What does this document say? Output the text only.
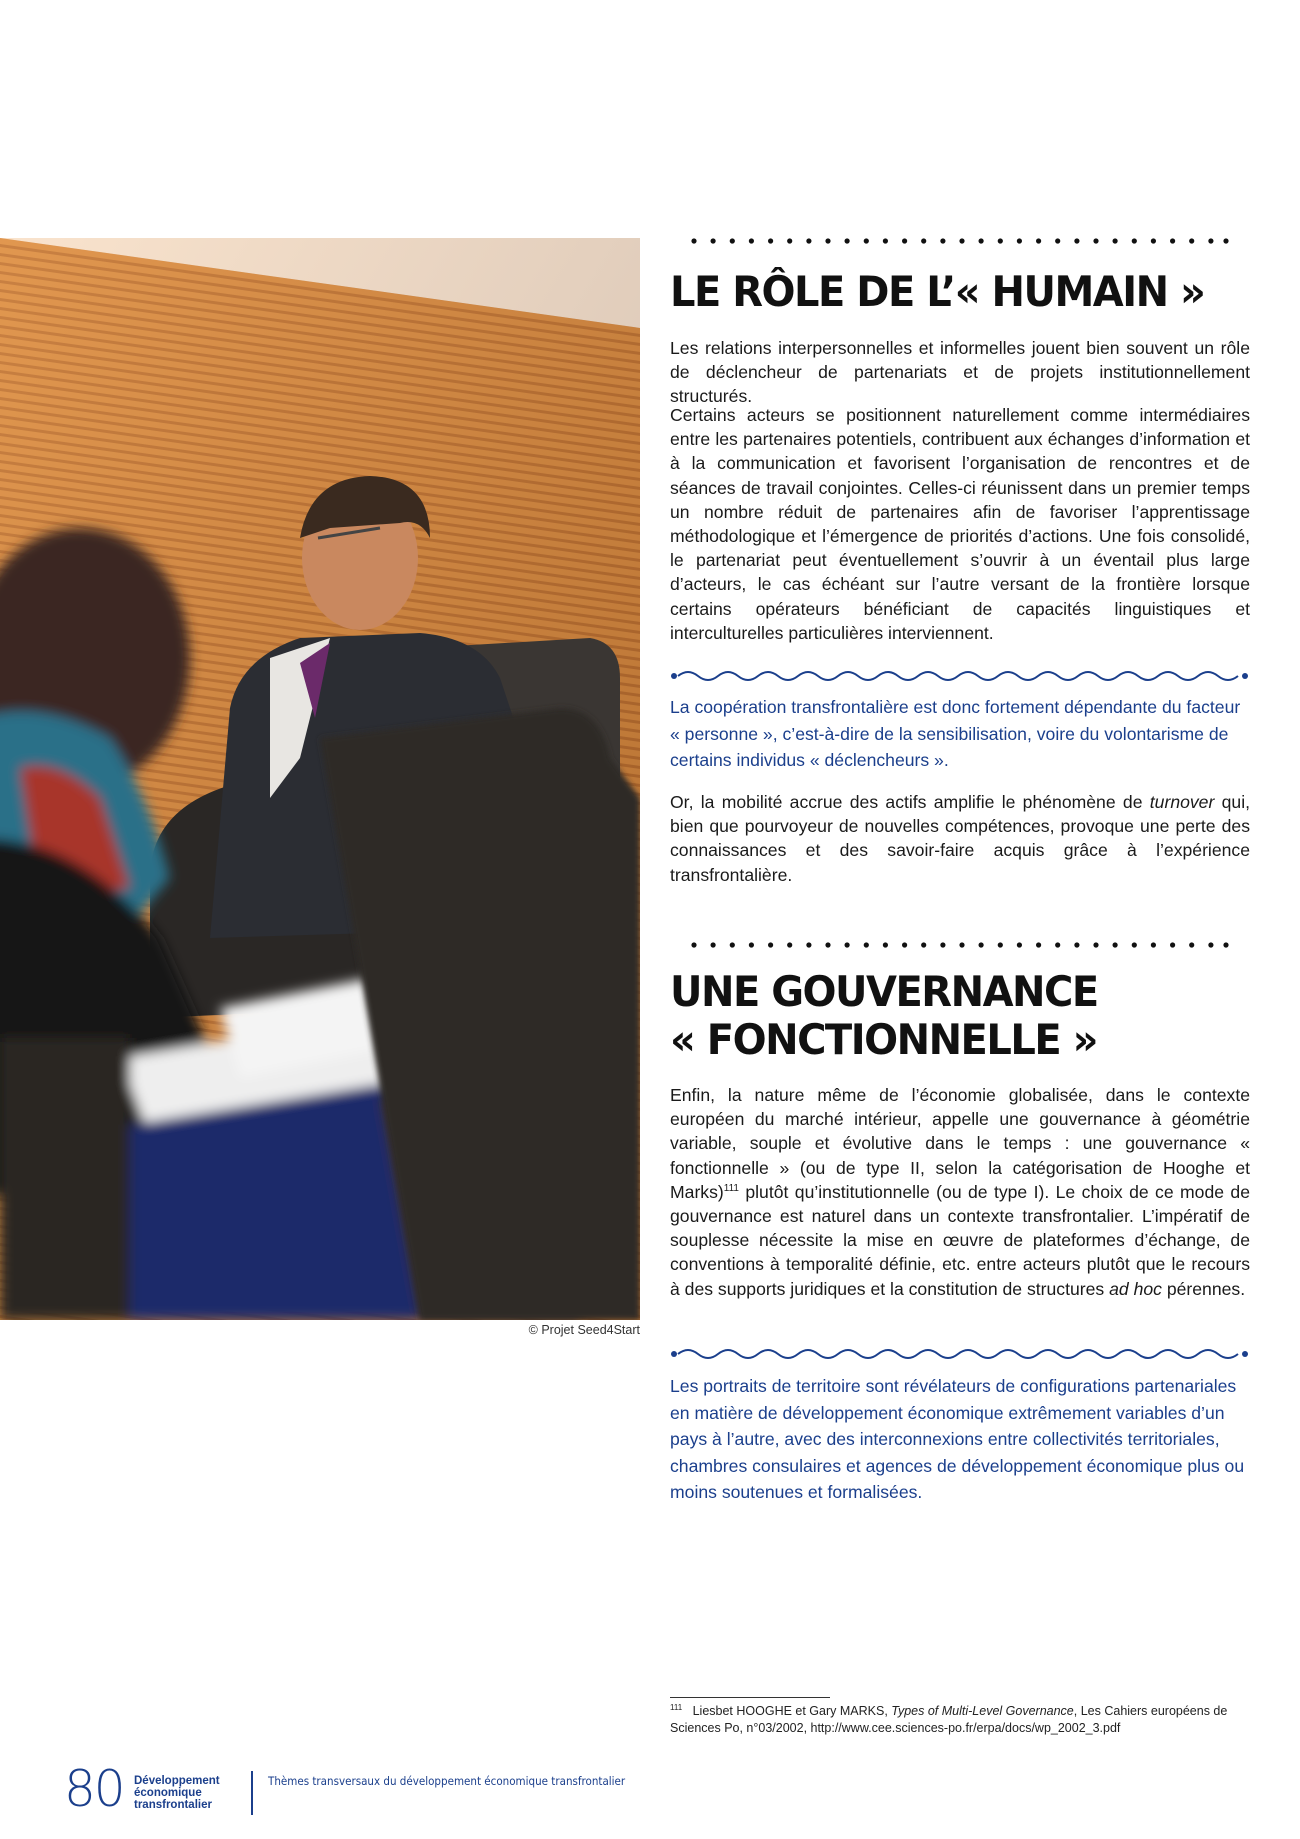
© Projet Seed4Start
LE RÔLE DE L’« HUMAIN »

Les relations interpersonnelles et informelles jouent bien souvent un rôle de déclencheur de partenariats et de projets institutionnellement structurés.

Certains acteurs se positionnent naturellement comme intermédiaires entre les partenaires potentiels, contribuent aux échanges d’information et à la communication et favorisent l’organisation de rencontres et de séances de travail conjointes. Celles-ci réunissent dans un premier temps un nombre réduit de partenaires afin de favoriser l’apprentissage méthodologique et l’émergence de priorités d’actions. Une fois consolidé, le partenariat peut éventuellement s’ouvrir à un éventail plus large d’acteurs, le cas échéant sur l’autre versant de la frontière lorsque certains opérateurs bénéficiant de capacités linguistiques et interculturelles particulières interviennent.

La coopération transfrontalière est donc fortement dépendante du facteur « personne », c’est-à-dire de la sensibilisation, voire du volontarisme de certains individus « déclencheurs ».

Or, la mobilité accrue des actifs amplifie le phénomène de turnover qui, bien que pourvoyeur de nouvelles compétences, provoque une perte des connaissances et des savoir-faire acquis grâce à l’expérience transfrontalière.

UNE GOUVERNANCE
« FONCTIONNELLE »

Enfin, la nature même de l’économie globalisée, dans le contexte européen du marché intérieur, appelle une gouvernance à géométrie variable, souple et évolutive dans le temps : une gouvernance « fonctionnelle » (ou de type II, selon la catégorisation de Hooghe et Marks)$^{111}$ plutôt qu’institutionnelle (ou de type I). Le choix de ce mode de gouvernance est naturel dans un contexte transfrontalier. L’impératif de souplesse nécessite la mise en œuvre de plateformes d’échange, de conventions à temporalité définie, etc. entre acteurs plutôt que le recours à des supports juridiques et la constitution de structures ad hoc pérennes.

Les portraits de territoire sont révélateurs de configurations partenariales en matière de développement économique extrêmement variables d’un pays à l’autre, avec des interconnexions entre collectivités territoriales, chambres consulaires et agences de développement économique plus ou moins soutenues et formalisées.

$^{111}$ Liesbet HOOGHE et Gary MARKS, Types of Multi-Level Governance, Les Cahiers européens de Sciences Po, n°03/2002, http://www.cee.sciences-po.fr/erpa/docs/wp_2002_3.pdf
80 Développement
économique
transfrontalier
Thèmes transversaux du développement économique transfrontalier
